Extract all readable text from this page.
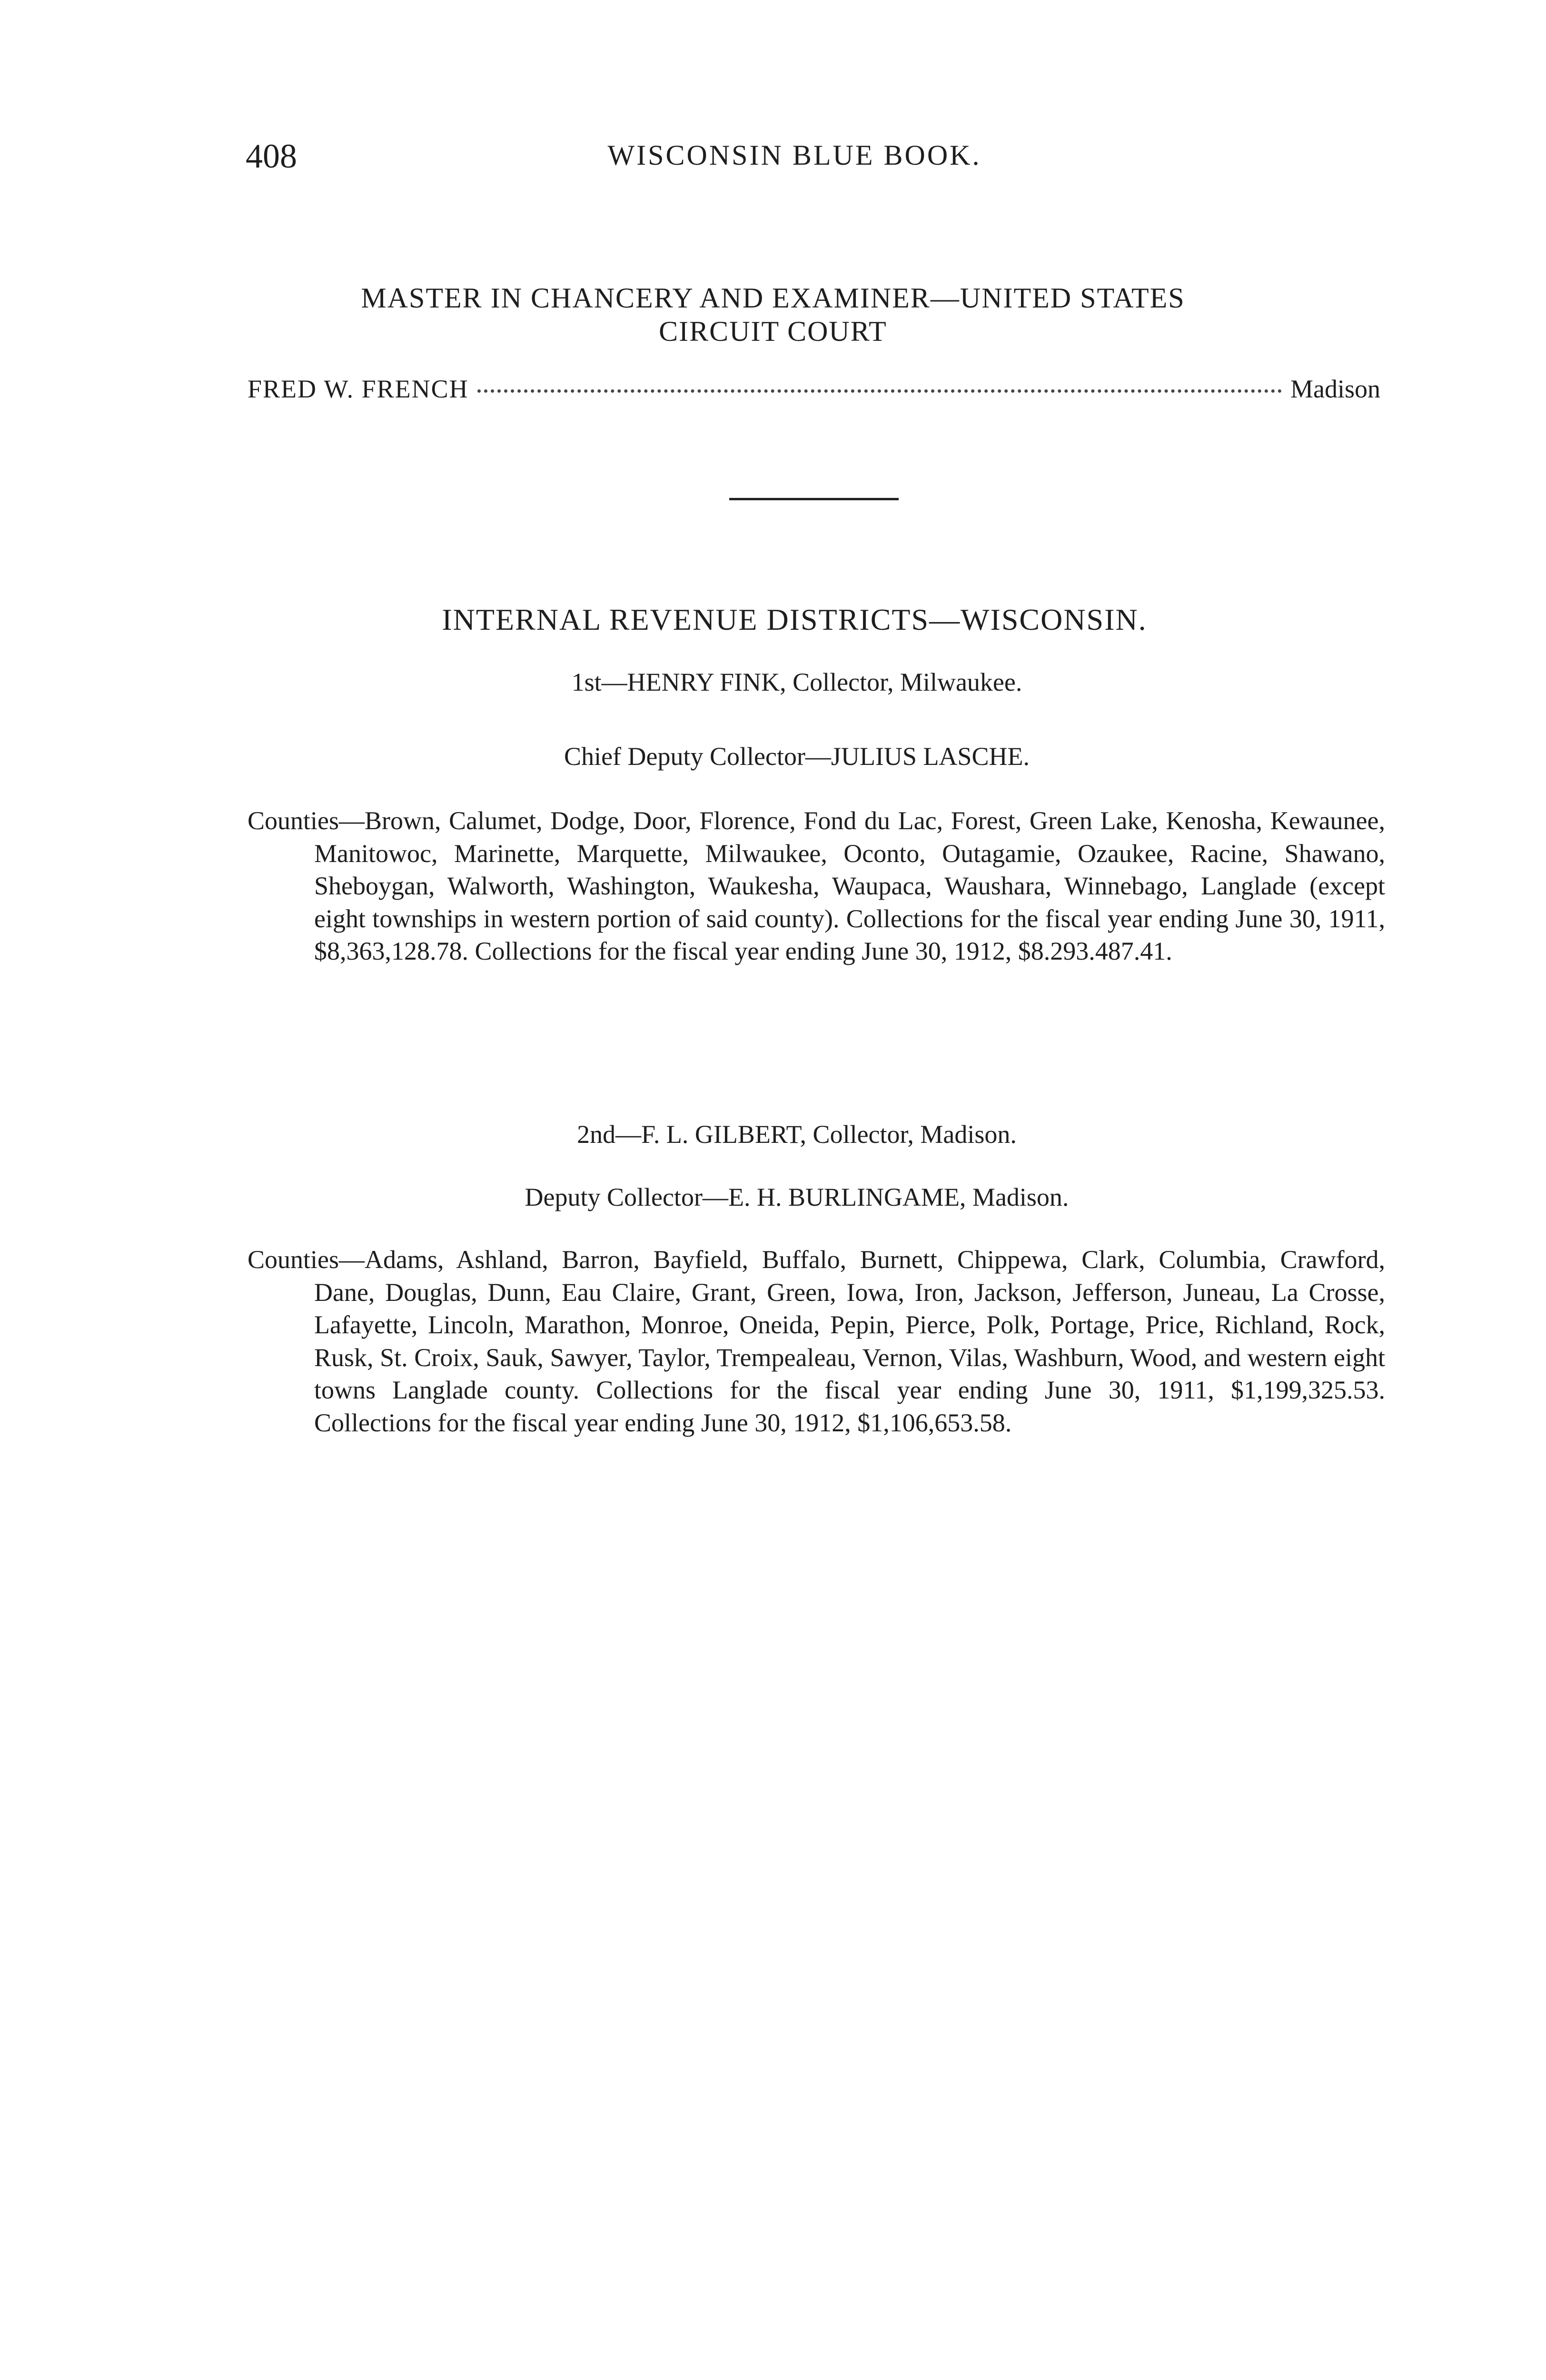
408	WISCONSIN BLUE BOOK.
MASTER IN CHANCERY AND EXAMINER—UNITED STATES
CIRCUIT COURT
FRED W. FRENCH	Madison
INTERNAL REVENUE DISTRICTS—WISCONSIN.
1st—HENRY FINK, Collector, Milwaukee.
Chief Deputy Collector—JULIUS LASCHE.
Counties—Brown, Calumet, Dodge, Door, Florence, Fond du Lac, Forest, Green Lake, Kenosha, Kewaunee, Manitowoc, Marinette, Marquette, Milwaukee, Oconto, Outagamie, Ozaukee, Racine, Shawano, Sheboygan, Walworth, Washington, Waukesha, Waupaca, Waushara, Winnebago, Langlade (except eight townships in western portion of said county). Collections for the fiscal year ending June 30, 1911, $8,363,128.78. Collections for the fiscal year ending June 30, 1912, $8.293.487.41.
2nd—F. L. GILBERT, Collector, Madison.
Deputy Collector—E. H. BURLINGAME, Madison.
Counties—Adams, Ashland, Barron, Bayfield, Buffalo, Burnett, Chippewa, Clark, Columbia, Crawford, Dane, Douglas, Dunn, Eau Claire, Grant, Green, Iowa, Iron, Jackson, Jefferson, Juneau, La Crosse, Lafayette, Lincoln, Marathon, Monroe, Oneida, Pepin, Pierce, Polk, Portage, Price, Richland, Rock, Rusk, St. Croix, Sauk, Sawyer, Taylor, Trempealeau, Vernon, Vilas, Washburn, Wood, and western eight towns Langlade county. Collections for the fiscal year ending June 30, 1911, $1,199,325.53. Collections for the fiscal year ending June 30, 1912, $1,106,653.58.
